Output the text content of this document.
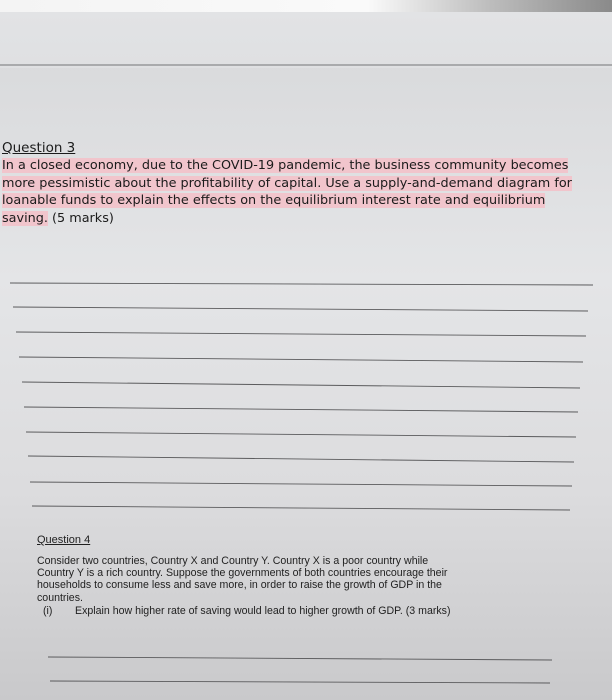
Question 3
In a closed economy, due to the COVID-19 pandemic, the business community becomes
more pessimistic about the profitability of capital. Use a supply-and-demand diagram for
loanable funds to explain the effects on the equilibrium interest rate and equilibrium
saving. (5 marks)
Question 4
Consider two countries, Country X and Country Y. Country X is a poor country while
Country Y is a rich country. Suppose the governments of both countries encourage their
households to consume less and save more, in order to raise the growth of GDP in the
countries.
(i)	Explain how higher rate of saving would lead to higher growth of GDP. (3 marks)
